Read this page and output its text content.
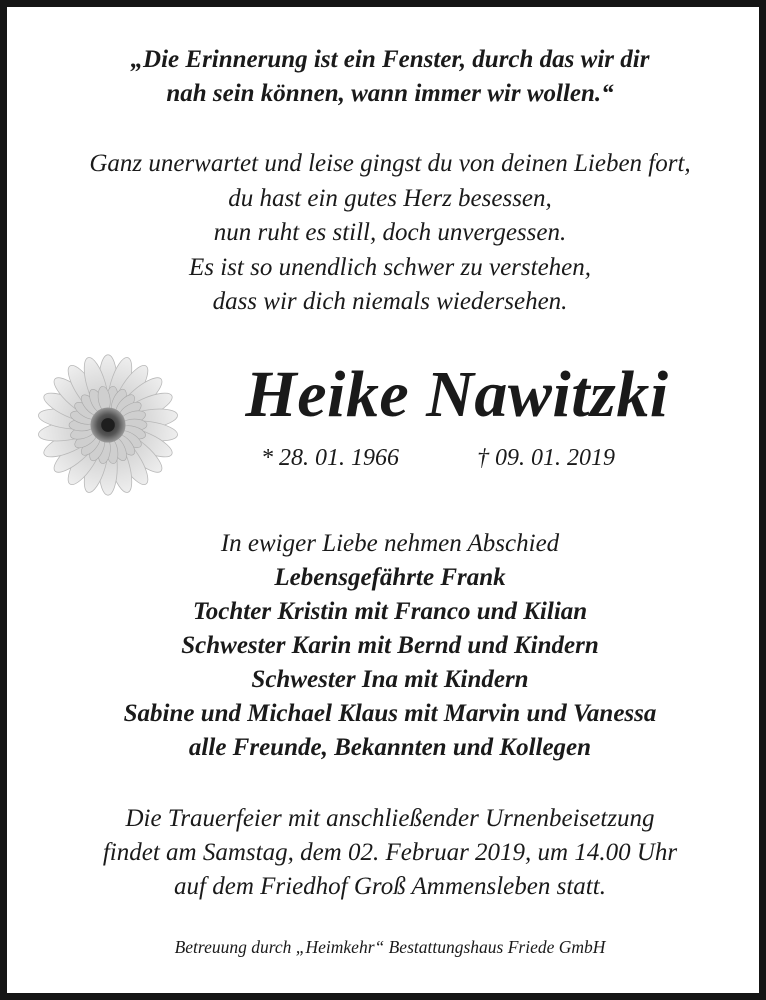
„Die Erinnerung ist ein Fenster, durch das wir dir
nah sein können, wann immer wir wollen.“
Ganz unerwartet und leise gingst du von deinen Lieben fort,
du hast ein gutes Herz besessen,
nun ruht es still, doch unvergessen.
Es ist so unendlich schwer zu verstehen,
dass wir dich niemals wiedersehen.
Heike Nawitzki
* 28. 01. 1966	† 09. 01. 2019
In ewiger Liebe nehmen Abschied
Lebensgefährte Frank
Tochter Kristin mit Franco und Kilian
Schwester Karin mit Bernd und Kindern
Schwester Ina mit Kindern
Sabine und Michael Klaus mit Marvin und Vanessa
alle Freunde, Bekannten und Kollegen
Die Trauerfeier mit anschließender Urnenbeisetzung
findet am Samstag, dem 02. Februar 2019, um 14.00 Uhr
auf dem Friedhof Groß Ammensleben statt.
Betreuung durch „Heimkehr“ Bestattungshaus Friede GmbH
